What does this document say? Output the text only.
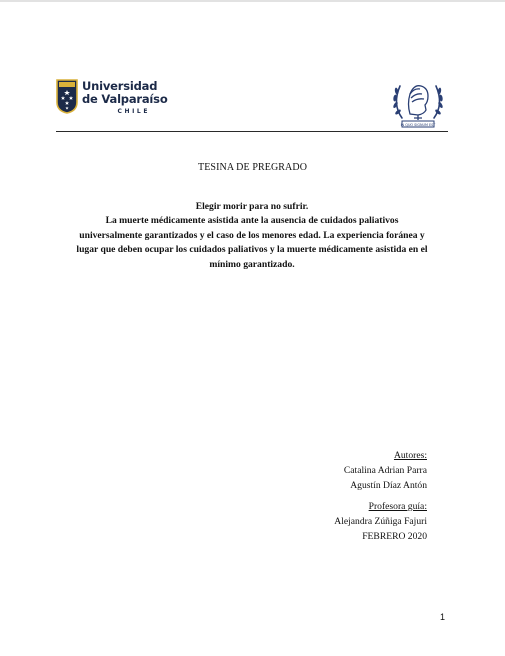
Universidad
de Valparaíso
CHILE
IN QUO SIGNUM EST
TESINA DE PREGRADO
Elegir morir para no sufrir.
La muerte médicamente asistida ante la ausencia de cuidados paliativos
universalmente garantizados y el caso de los menores edad. La experiencia foránea y
lugar que deben ocupar los cuidados paliativos y la muerte médicamente asistida en el
mínimo garantizado.
Autores:
Catalina Adrian Parra
Agustín Díaz Antón
Profesora guía:
Alejandra Zúñiga Fajuri
FEBRERO 2020
1
